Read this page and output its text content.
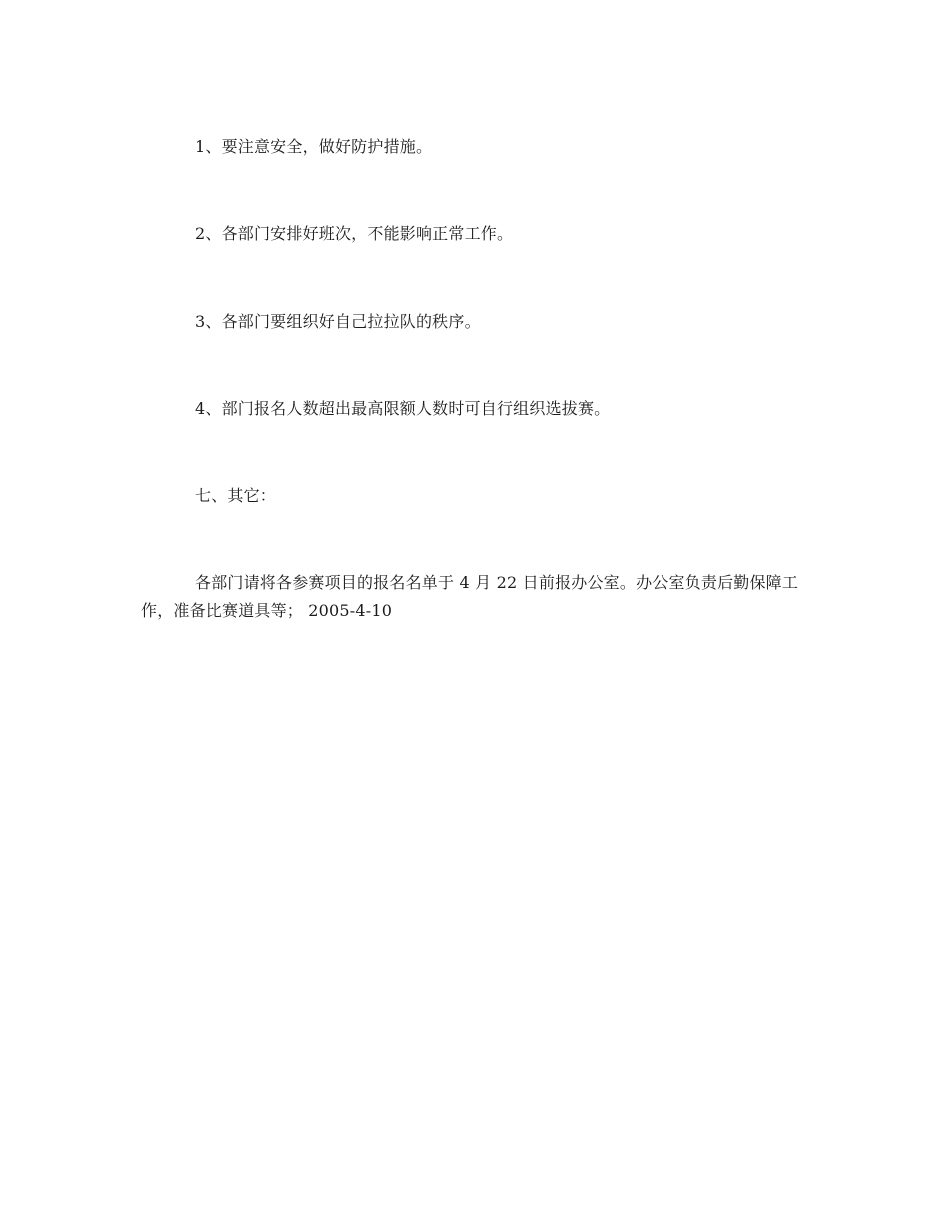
1、要注意安全，做好防护措施。

2、各部门安排好班次，不能影响正常工作。

3、各部门要组织好自己拉拉队的秩序。

4、部门报名人数超出最高限额人数时可自行组织选拔赛。

七、其它：

各部门请将各参赛项目的报名名单于 4 月 22 日前报办公室。办公室负责后勤保障工作，准备比赛道具等； 2005-4-10
